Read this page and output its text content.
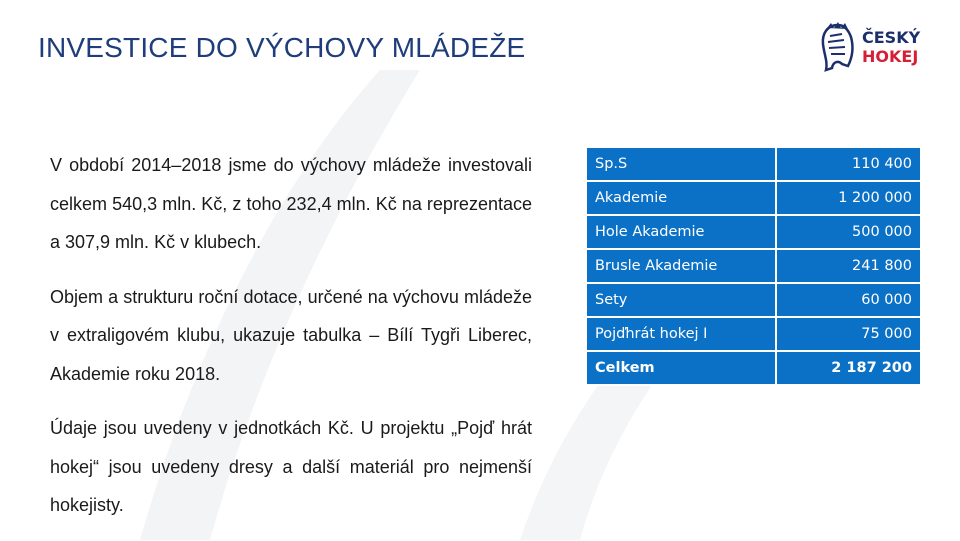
INVESTICE DO VÝCHOVY MLÁDEŽE	ČESKÝ
HOKEJ

V období 2014–2018 jsme do výchovy mládeže investovali celkem 540,3 mln. Kč, z toho 232,4 mln. Kč na reprezentace a 307,9 mln. Kč v klubech.

Objem a strukturu roční dotace, určené na výchovu mládeže v extraligovém klubu, ukazuje tabulka – Bílí Tygři Liberec, Akademie roku 2018.

Údaje jsou uvedeny v jednotkách Kč. U projektu „Pojď hrát hokej“ jsou uvedeny dresy a další materiál pro nejmenší hokejisty.

Sp.S	110 400
Akademie	1 200 000
Hole Akademie	500 000
Brusle Akademie	241 800
Sety	60 000
Pojďhrát hokej I	75 000
Celkem	2 187 200
